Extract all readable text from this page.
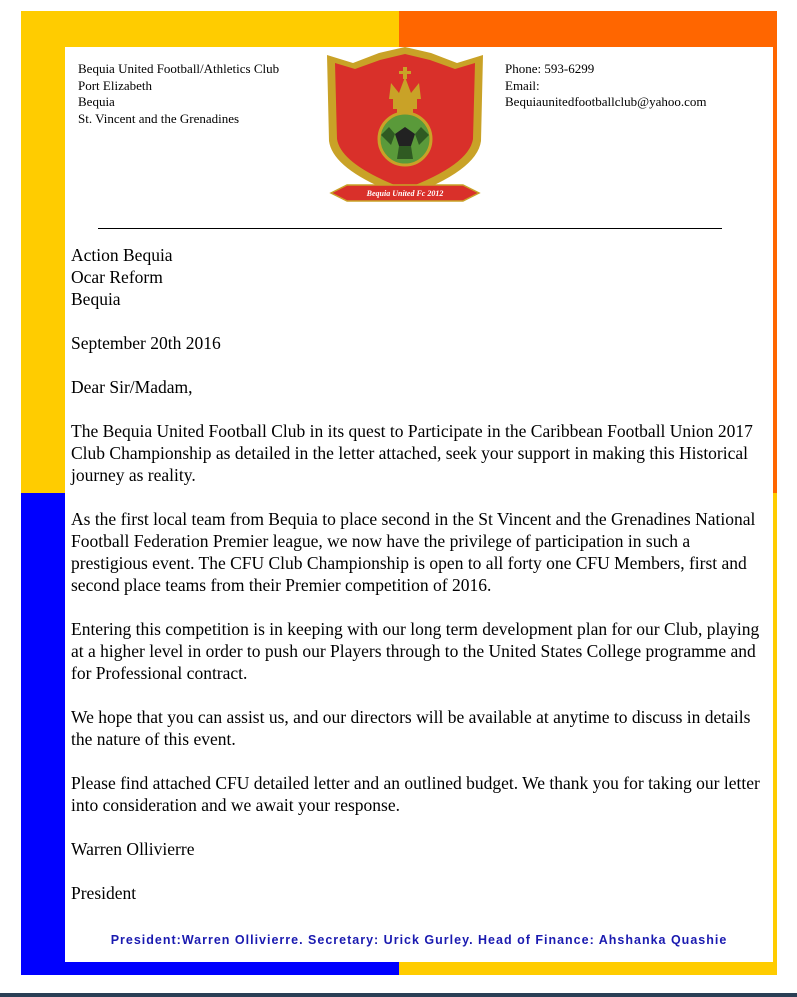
Bequia United Football/Athletics Club
Port Elizabeth
Bequia
St. Vincent and the Grenadines
Bequia United Fc 2012
Phone: 593-6299
Email:
Bequiaunitedfootballclub@yahoo.com

Action Bequia
Ocar Reform
Bequia

September 20th 2016

Dear Sir/Madam,

The Bequia United Football Club in its quest to Participate in the Caribbean Football Union 2017 Club Championship as detailed in the letter attached, seek your support in making this Historical journey as reality.

As the first local team from Bequia to place second in the St Vincent and the Grenadines National Football Federation Premier league, we now have the privilege of participation in such a prestigious event. The CFU Club Championship is open to all forty one CFU Members, first and second place teams from their Premier competition of 2016.

Entering this competition is in keeping with our long term development plan for our Club, playing at a higher level in order to push our Players through to the United States College programme and for Professional contract.

We hope that you can assist us, and our directors will be available at anytime to discuss in details the nature of this event.

Please find attached CFU detailed letter and an outlined budget. We thank you for taking our letter into consideration and we await your response.

Warren Ollivierre

President

President:Warren Ollivierre. Secretary: Urick Gurley. Head of Finance: Ahshanka Quashie
